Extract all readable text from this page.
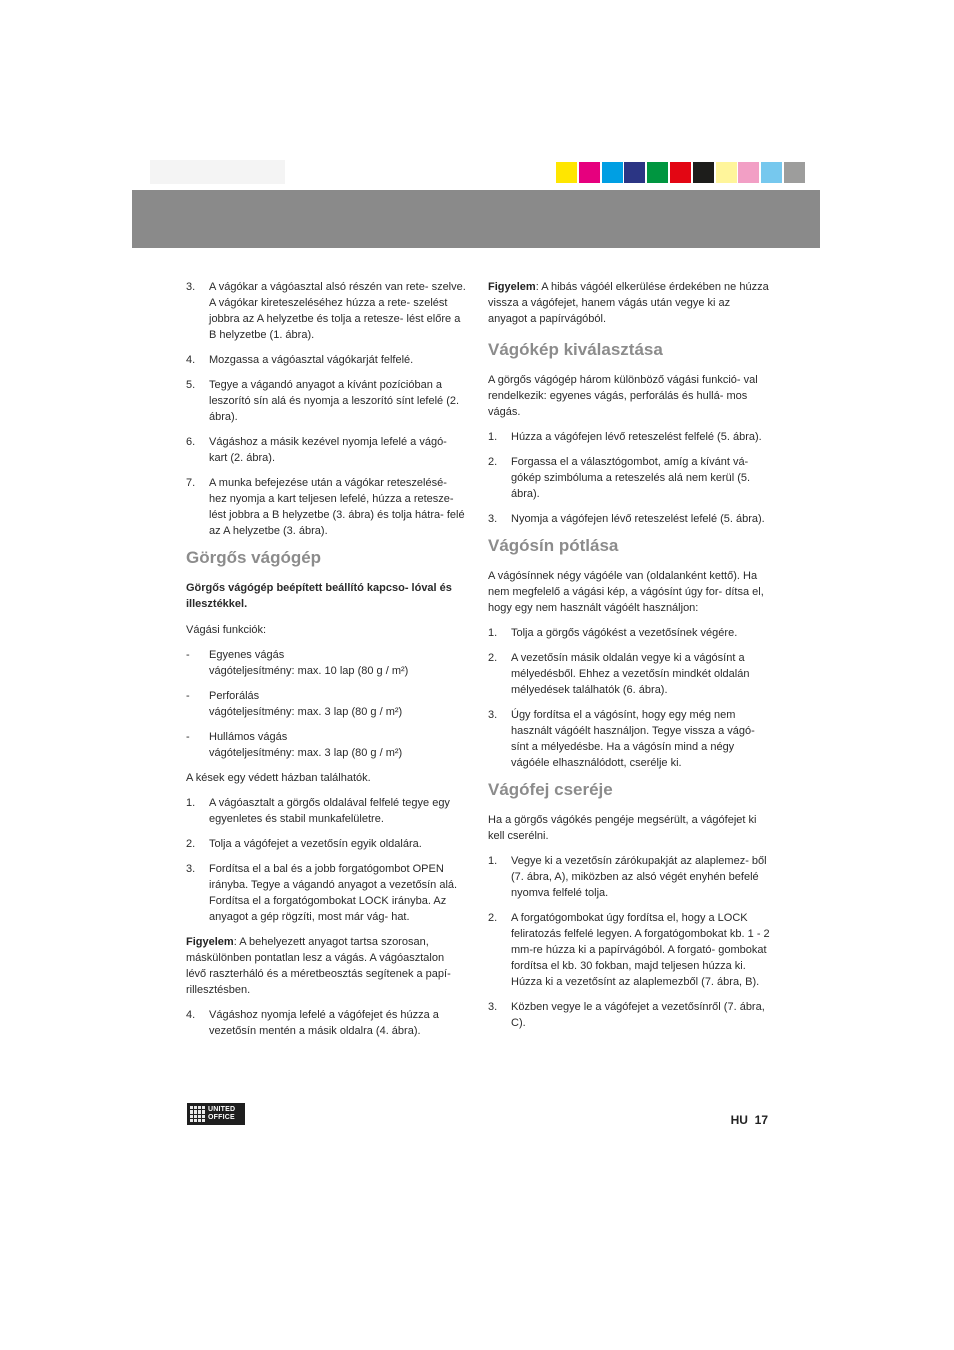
3. A vágókar a vágóasztal alsó részén van rete- szelve. A vágókar kireteszeléséhez húzza a rete- szelést jobbra az A helyzetbe és tolja a retesze- lést előre a B helyzetbe (1. ábra).
4. Mozgassa a vágóasztal vágókarját felfelé.
5. Tegye a vágandó anyagot a kívánt pozícióban a leszorító sín alá és nyomja a leszorító sínt lefelé (2. ábra).
6. Vágáshoz a másik kezével nyomja lefelé a vágó- kart (2. ábra).
7. A munka befejezése után a vágókar reteszelésé- hez nyomja a kart teljesen lefelé, húzza a retesze- lést jobbra a B helyzetbe (3. ábra) és tolja hátra- felé az A helyzetbe (3. ábra).
Görgős vágógép

Görgős vágógép beépített beállító kapcso- lóval és illesztékkel.

Vágási funkciók:

- Egyenes vágás
vágóteljesítmény: max. 10 lap (80 g / m²)
- Perforálás
vágóteljesítmény: max. 3 lap (80 g / m²)
- Hullámos vágás
vágóteljesítmény: max. 3 lap (80 g / m²)

A kések egy védett házban találhatók.

1. A vágóasztalt a görgős oldalával felfelé tegye egy egyenletes és stabil munkafelületre.
2. Tolja a vágófejet a vezetősín egyik oldalára.
3. Fordítsa el a bal és a jobb forgatógombot OPEN irányba. Tegye a vágandó anyagot a vezetősín alá. Fordítsa el a forgatógombokat LOCK irányba. Az anyagot a gép rögzíti, most már vág- hat.

Figyelem: A behelyezett anyagot tartsa szorosan, máskülönben pontatlan lesz a vágás. A vágóasztalon lévő raszterháló és a méretbeosztás segítenek a papí- rillesztésben.

4. Vágáshoz nyomja lefelé a vágófejet és húzza a vezetősín mentén a másik oldalra (4. ábra).

Figyelem: A hibás vágóél elkerülése érdekében ne húzza vissza a vágófejet, hanem vágás után vegye ki az anyagot a papírvágóból.

Vágókép kiválasztása

A görgős vágógép három különböző vágási funkció- val rendelkezik: egyenes vágás, perforálás és hullá- mos vágás.

1. Húzza a vágófejen lévő reteszelést felfelé (5. ábra).
2. Forgassa el a választógombot, amíg a kívánt vá- gókép szimbóluma a reteszelés alá nem kerül (5. ábra).
3. Nyomja a vágófejen lévő reteszelést lefelé (5. ábra).
Vágósín pótlása

A vágósínnek négy vágóéle van (oldalanként kettő). Ha nem megfelelő a vágási kép, a vágósínt úgy for- dítsa el, hogy egy nem használt vágóélt használjon:

1. Tolja a görgős vágókést a vezetősínek végére.
2. A vezetősín másik oldalán vegye ki a vágósínt a mélyedésből. Ehhez a vezetősín mindkét oldalán mélyedések találhatók (6. ábra).
3. Úgy fordítsa el a vágósínt, hogy egy még nem használt vágóélt használjon. Tegye vissza a vágó- sínt a mélyedésbe. Ha a vágósín mind a négy vágóéle elhasználódott, cserélje ki.
Vágófej cseréje

Ha a görgős vágókés pengéje megsérült, a vágófejet ki kell cserélni.

1. Vegye ki a vezetősín zárókupakját az alaplemez- ből (7. ábra, A), miközben az alsó végét enyhén befelé nyomva felfelé tolja.
2. A forgatógombokat úgy fordítsa el, hogy a LOCK feliratozás felfelé legyen. A forgatógombokat kb. 1 - 2 mm-re húzza ki a papírvágóból. A forgató- gombokat fordítsa el kb. 30 fokban, majd teljesen húzza ki. Húzza ki a vezetősínt az alaplemezből (7. ábra, B).
3. Közben vegye le a vágófejet a vezetősínről (7. ábra, C).
UNITED
OFFICE	HU  17
